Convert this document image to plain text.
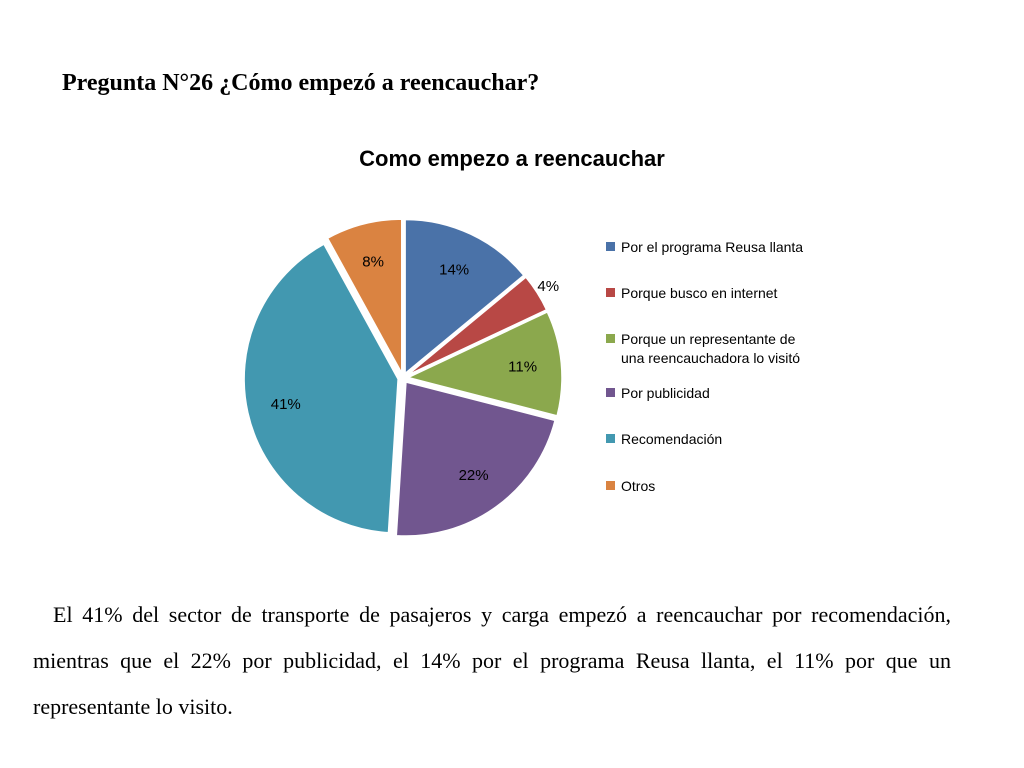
Pregunta N°26 ¿Cómo empezó a reencauchar?
Como empezo a reencauchar
14%
4%
11%
22%
41%
8%
Por el programa Reusa llanta
Porque busco en internet
Porque un representante de una reencauchadora lo visitó
Por publicidad
Recomendación
Otros
El 41% del sector de transporte de pasajeros y carga empezó a reencauchar por recomendación, mientras que el 22% por publicidad, el 14% por el programa Reusa llanta, el 11% por que un representante lo visito.
